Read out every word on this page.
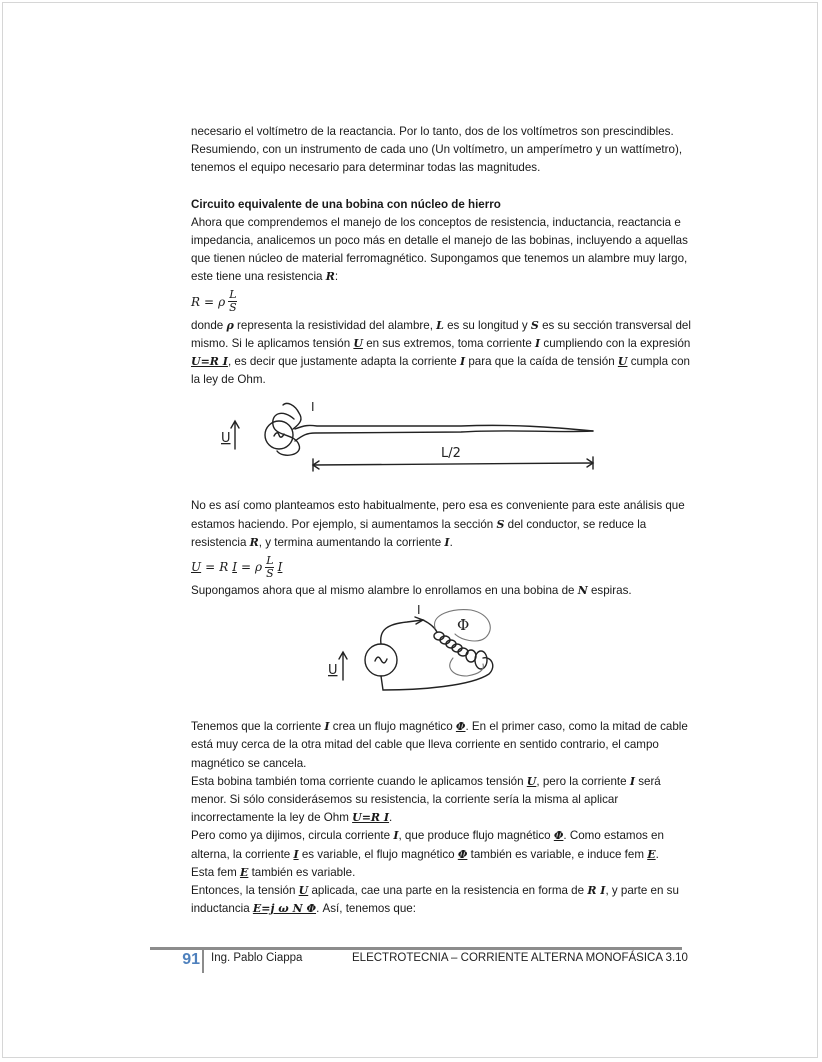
necesario el voltímetro de la reactancia. Por lo tanto, dos de los voltímetros son prescindibles.

Resumiendo, con un instrumento de cada uno (Un voltímetro, un amperímetro y un wattímetro), tenemos el equipo necesario para determinar todas las magnitudes.

Circuito equivalente de una bobina con núcleo de hierro

Ahora que comprendemos el manejo de los conceptos de resistencia, inductancia, reactancia e impedancia, analicemos un poco más en detalle el manejo de las bobinas, incluyendo a aquellas que tienen núcleo de material ferromagnético. Supongamos que tenemos un alambre muy largo, este tiene una resistencia R:

R = ρ $\frac{L}{S}$

donde ρ representa la resistividad del alambre, L es su longitud y S es su sección transversal del mismo. Si le aplicamos tensión U en sus extremos, toma corriente I cumpliendo con la expresión U=R I, es decir que justamente adapta la corriente I para que la caída de tensión U cumpla con la ley de Ohm.

U
I
L/2

No es así como planteamos esto habitualmente, pero esa es conveniente para este análisis que estamos haciendo. Por ejemplo, si aumentamos la sección S del conductor, se reduce la resistencia R, y termina aumentando la corriente I.

U = R I = ρ $\frac{L}{S}$ I

Supongamos ahora que al mismo alambre lo enrollamos en una bobina de N espiras.

U
I
Φ

Tenemos que la corriente I crea un flujo magnético Φ. En el primer caso, como la mitad de cable está muy cerca de la otra mitad del cable que lleva corriente en sentido contrario, el campo magnético se cancela.

Esta bobina también toma corriente cuando le aplicamos tensión U, pero la corriente I será menor. Si sólo considerásemos su resistencia, la corriente sería la misma al aplicar incorrectamente la ley de Ohm U=R I.

Pero como ya dijimos, circula corriente I, que produce flujo magnético Φ. Como estamos en alterna, la corriente I es variable, el flujo magnético Φ también es variable, e induce fem E.

Esta fem E también es variable.

Entonces, la tensión U aplicada, cae una parte en la resistencia en forma de R I, y parte en su inductancia E=j ω N Φ. Así, tenemos que:

91 Ing. Pablo Ciappa	ELECTROTECNIA – CORRIENTE ALTERNA MONOFÁSICA 3.10
